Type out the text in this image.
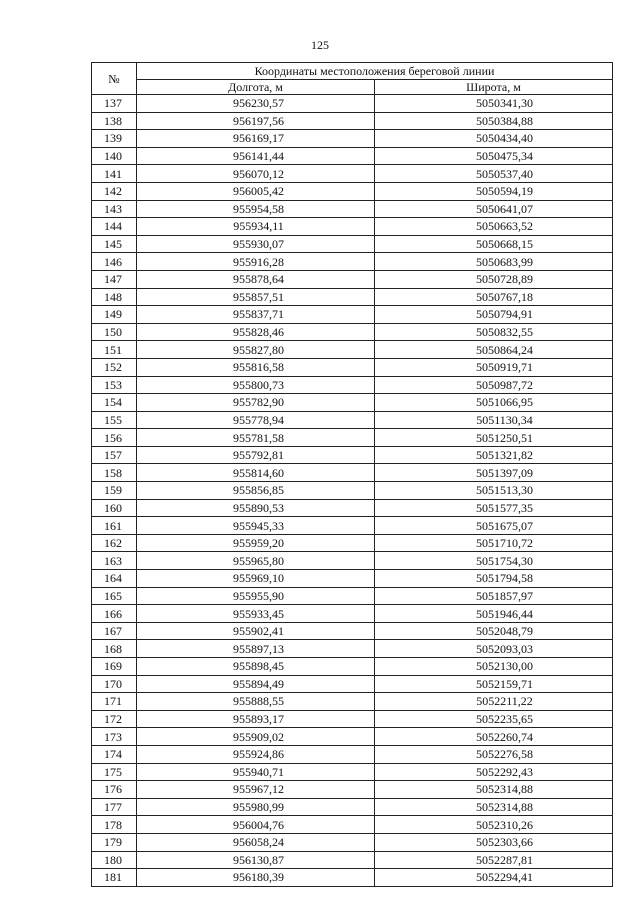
125
№	Координаты местоположения береговой линии	
	Долгота, м	Широта, м
137	956230,57	5050341,30
138	956197,56	5050384,88
139	956169,17	5050434,40
140	956141,44	5050475,34
141	956070,12	5050537,40
142	956005,42	5050594,19
143	955954,58	5050641,07
144	955934,11	5050663,52
145	955930,07	5050668,15
146	955916,28	5050683,99
147	955878,64	5050728,89
148	955857,51	5050767,18
149	955837,71	5050794,91
150	955828,46	5050832,55
151	955827,80	5050864,24
152	955816,58	5050919,71
153	955800,73	5050987,72
154	955782,90	5051066,95
155	955778,94	5051130,34
156	955781,58	5051250,51
157	955792,81	5051321,82
158	955814,60	5051397,09
159	955856,85	5051513,30
160	955890,53	5051577,35
161	955945,33	5051675,07
162	955959,20	5051710,72
163	955965,80	5051754,30
164	955969,10	5051794,58
165	955955,90	5051857,97
166	955933,45	5051946,44
167	955902,41	5052048,79
168	955897,13	5052093,03
169	955898,45	5052130,00
170	955894,49	5052159,71
171	955888,55	5052211,22
172	955893,17	5052235,65
173	955909,02	5052260,74
174	955924,86	5052276,58
175	955940,71	5052292,43
176	955967,12	5052314,88
177	955980,99	5052314,88
178	956004,76	5052310,26
179	956058,24	5052303,66
180	956130,87	5052287,81
181	956180,39	5052294,41
